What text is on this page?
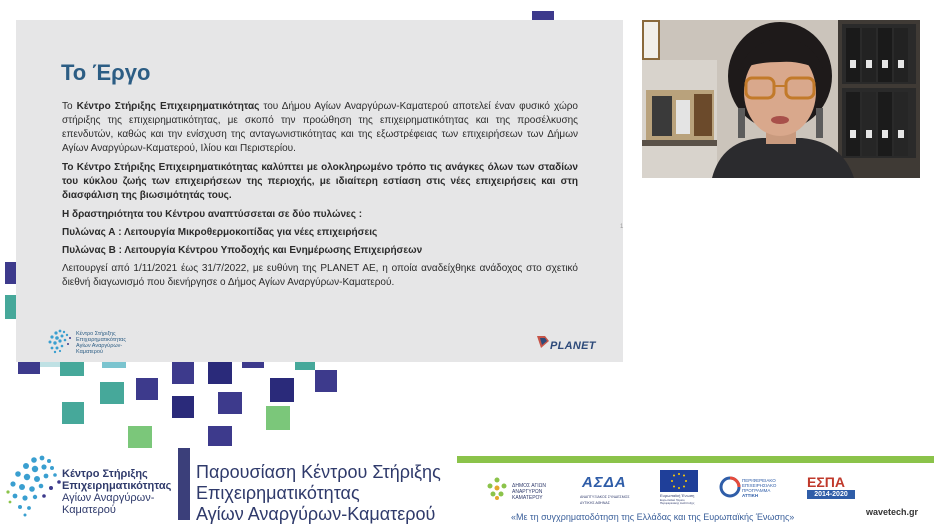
Το Έργο

Το Κέντρο Στήριξης Επιχειρηματικότητας του Δήμου Αγίων Αναργύρων-Καματερού αποτελεί έναν φυσικό χώρο στήριξης της επιχειρηματικότητας, με σκοπό την προώθηση της επιχειρηματικότητας και της προσέλκυσης επενδυτών, καθώς και την ενίσχυση της ανταγωνιστικότητας και της εξωστρέφειας των επιχειρήσεων των Δήμων Αγίων Αναργύρων-Καματερού, Ιλίου και Περιστερίου.

Το Κέντρο Στήριξης Επιχειρηματικότητας καλύπτει με ολοκληρωμένο τρόπο τις ανάγκες όλων των σταδίων του κύκλου ζωής των επιχειρήσεων της περιοχής, με ιδιαίτερη εστίαση στις νέες επιχειρήσεις και στη διασφάλιση της βιωσιμότητάς τους.

Η δραστηριότητα του Κέντρου αναπτύσσεται σε δύο πυλώνες :

Πυλώνας Α : Λειτουργία Μικροθερμοκοιτίδας για νέες επιχειρήσεις

Πυλώνας Β : Λειτουργία Κέντρου Υποδοχής και Ενημέρωσης Επιχειρήσεων

Λειτουργεί από 1/11/2021 έως 31/7/2022, με ευθύνη της PLANET AE, η οποία αναδείχθηκε ανάδοχος στο σχετικό διεθνή διαγωνισμό που διενήργησε ο Δήμος Αγίων Αναργύρων-Καματερού.

1
Κέντρο Στήριξης
Επιχειρηματικότητας
Αγίων Αναργύρων-
Καματερού	PLANET
Κέντρο Στήριξης
Επιχειρηματικότητας
Αγίων Αναργύρων-
Καματερού
Παρουσίαση Κέντρου Στήριξης
Επιχειρηματικότητας
Αγίων Αναργύρων-Καματερού
ΔΗΜΟΣ ΑΓΙΩΝ ΑΝΑΡΓΥΡΩΝ ΚΑΜΑΤΕΡΟΥ
ΑΣΔΑ
ΑΝΑΠΤΥΞΙΑΚΟΣ ΣΥΝΔΕΣΜΟΣ ΔΥΤΙΚΗΣ ΑΘΗΝΑΣ
Ευρωπαϊκή Ένωση
Ευρωπαϊκό Ταμείο Περιφερειακής Ανάπτυξης
ΠΕΡΙΦΕΡΕΙΑΚΟ
ΕΠΙΧΕΙΡΗΣΙΑΚΟ
ΠΡΟΓΡΑΜΜΑ
ΑΤΤΙΚΗ
ΕΣΠΑ
2014-2020
«Με τη συγχρηματοδότηση της Ελλάδας και της Ευρωπαϊκής Ένωσης»	wavetech.gr
